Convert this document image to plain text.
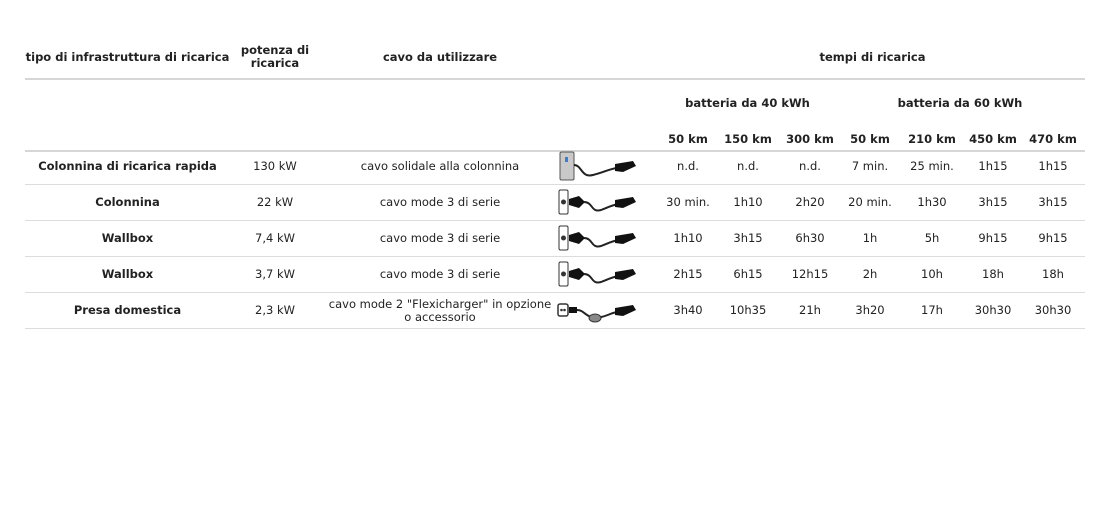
tipo di infrastruttura di ricarica	potenza di ricarica	cavo da utilizzare	tempi di ricarica
batteria da 40 kWh	batteria da 60 kWh
50 km	150 km	300 km	50 km	210 km	450 km	470 km
Colonnina di ricarica rapida	130 kW	cavo solidale alla colonnina	n.d.	n.d.	n.d.	7 min.	25 min.	1h15	1h15
Colonnina	22 kW	cavo mode 3 di serie	30 min.	1h10	2h20	20 min.	1h30	3h15	3h15
Wallbox	7,4 kW	cavo mode 3 di serie	1h10	3h15	6h30	1h	5h	9h15	9h15
Wallbox	3,7 kW	cavo mode 3 di serie	2h15	6h15	12h15	2h	10h	18h	18h
Presa domestica	2,3 kW	cavo mode 2 "Flexicharger" in opzione o accessorio	3h40	10h35	21h	3h20	17h	30h30	30h30
